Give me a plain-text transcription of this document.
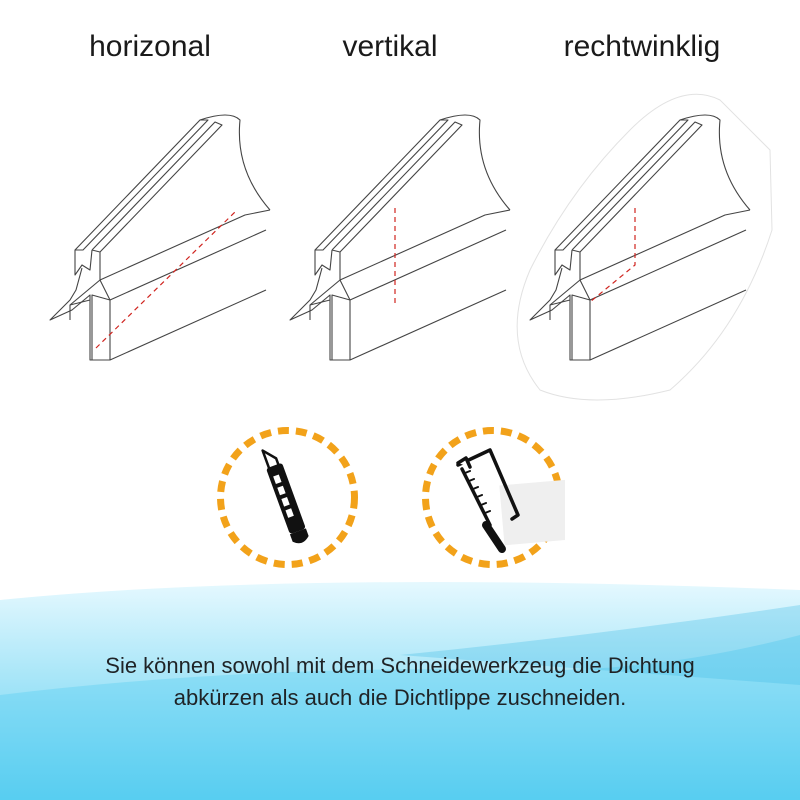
horizonal	vertikal	rechtwinklig
Sie können sowohl mit dem Schneidewerkzeug die Dichtung
abkürzen als auch die Dichtlippe zuschneiden.
